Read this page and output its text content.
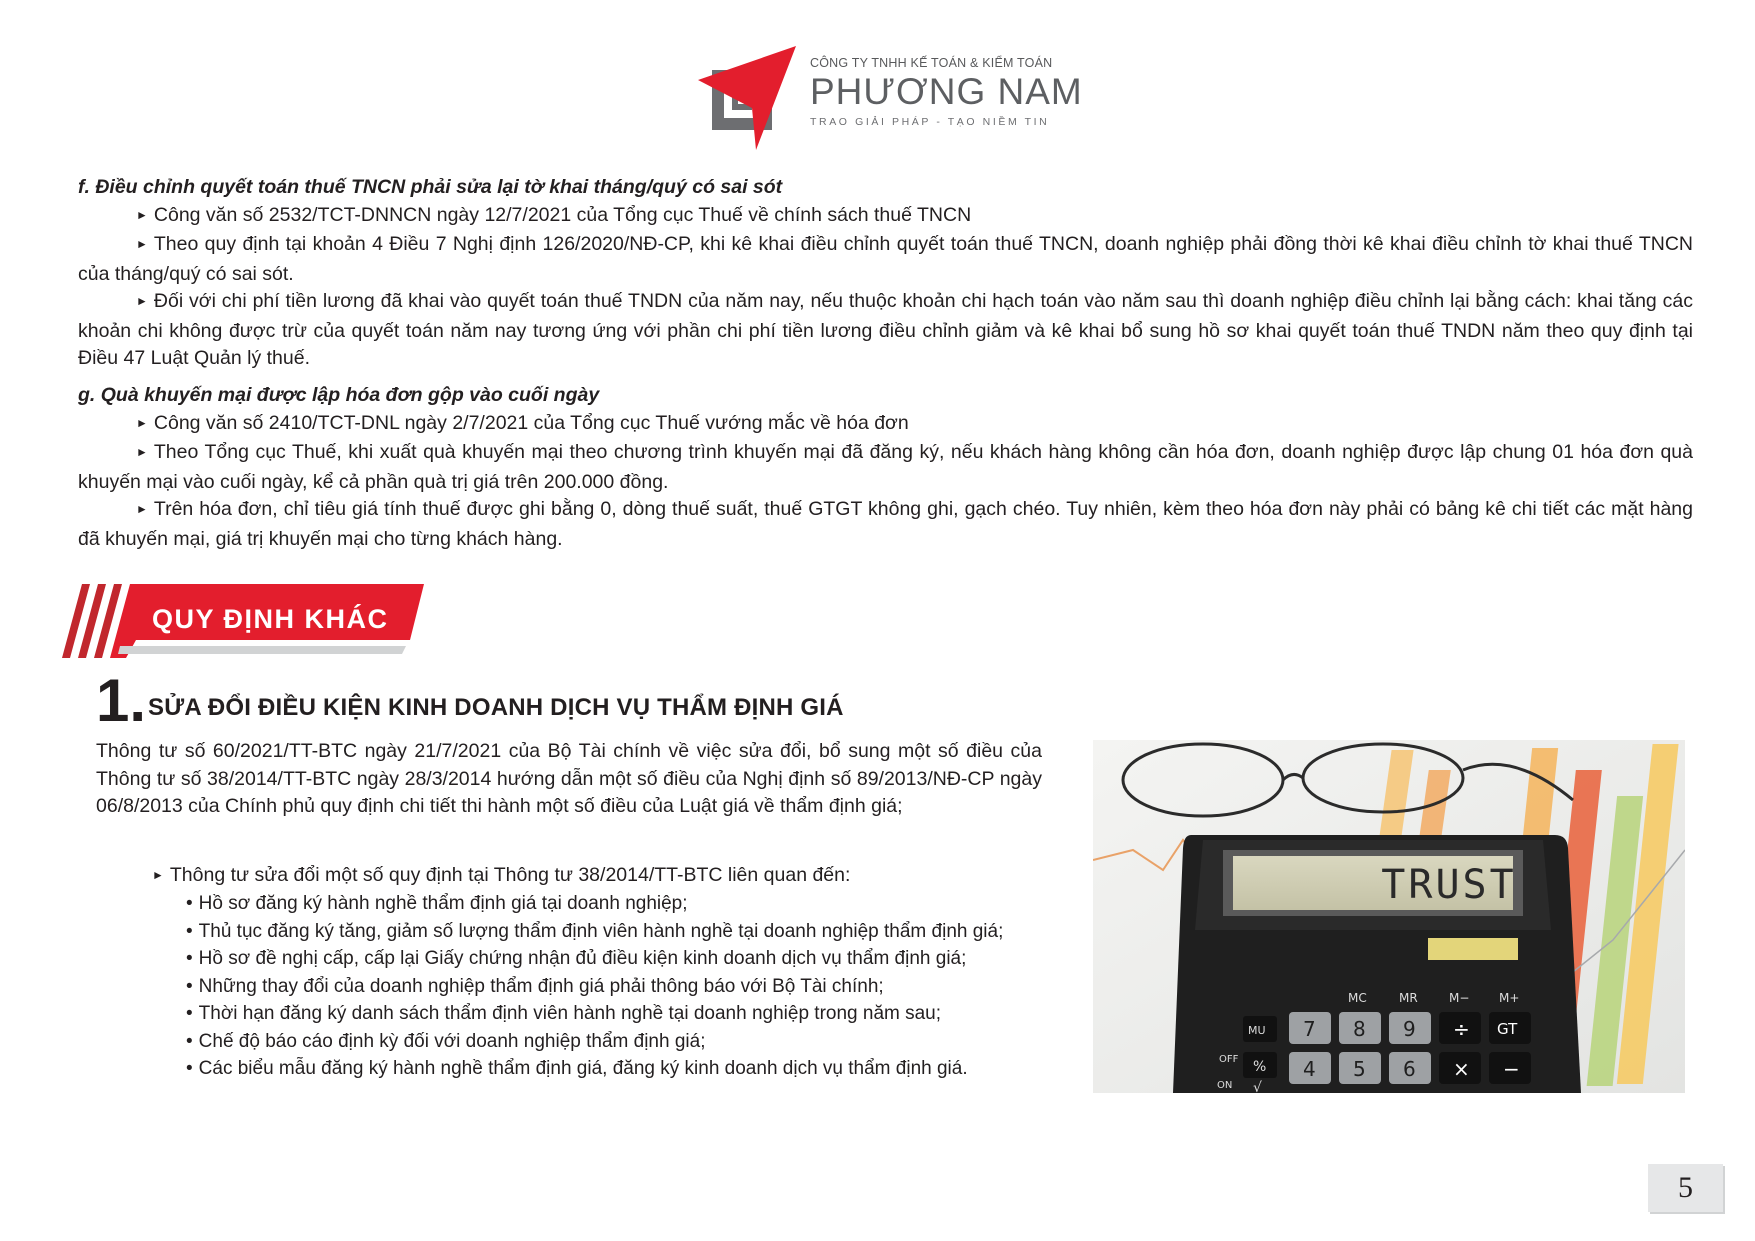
CÔNG TY TNHH KẾ TOÁN & KIỂM TOÁN
PHƯƠNG NAM
TRAO GIẢI PHÁP - TẠO NIỀM TIN

f. Điều chỉnh quyết toán thuế TNCN phải sửa lại tờ khai tháng/quý có sai sót

► Công văn số 2532/TCT-DNNCN ngày 12/7/2021 của Tổng cục Thuế về chính sách thuế TNCN

► Theo quy định tại khoản 4 Điều 7 Nghị định 126/2020/NĐ-CP, khi kê khai điều chỉnh quyết toán thuế TNCN, doanh nghiệp phải đồng thời kê khai điều chỉnh tờ khai thuế TNCN của tháng/quý có sai sót.

► Đối với chi phí tiền lương đã khai vào quyết toán thuế TNDN của năm nay, nếu thuộc khoản chi hạch toán vào năm sau thì doanh nghiệp điều chỉnh lại bằng cách: khai tăng các khoản chi không được trừ của quyết toán năm nay tương ứng với phần chi phí tiền lương điều chỉnh giảm và kê khai bổ sung hồ sơ khai quyết toán thuế TNDN năm theo quy định tại Điều 47 Luật Quản lý thuế.

g. Quà khuyến mại được lập hóa đơn gộp vào cuối ngày

► Công văn số 2410/TCT-DNL ngày 2/7/2021 của Tổng cục Thuế vướng mắc về hóa đơn

► Theo Tổng cục Thuế, khi xuất quà khuyến mại theo chương trình khuyến mại đã đăng ký, nếu khách hàng không cần hóa đơn, doanh nghiệp được lập chung 01 hóa đơn quà khuyến mại vào cuối ngày, kể cả phần quà trị giá trên 200.000 đồng.

► Trên hóa đơn, chỉ tiêu giá tính thuế được ghi bằng 0, dòng thuế suất, thuế GTGT không ghi, gạch chéo. Tuy nhiên, kèm theo hóa đơn này phải có bảng kê chi tiết các mặt hàng đã khuyến mại, giá trị khuyến mại cho từng khách hàng.

QUY ĐỊNH KHÁC
1. SỬA ĐỔI ĐIỀU KIỆN KINH DOANH DỊCH VỤ THẨM ĐỊNH GIÁ

Thông tư số 60/2021/TT-BTC ngày 21/7/2021 của Bộ Tài chính về việc sửa đổi, bổ sung một số điều của Thông tư số 38/2014/TT-BTC ngày 28/3/2014 hướng dẫn một số điều của Nghị định số 89/2013/NĐ-CP ngày 06/8/2013 của Chính phủ quy định chi tiết thi hành một số điều của Luật giá về thẩm định giá;

► Thông tư sửa đổi một số quy định tại Thông tư 38/2014/TT-BTC liên quan đến:

• Hồ sơ đăng ký hành nghề thẩm định giá tại doanh nghiệp;
• Thủ tục đăng ký tăng, giảm số lượng thẩm định viên hành nghề tại doanh nghiệp thẩm định giá;
• Hồ sơ đề nghị cấp, cấp lại Giấy chứng nhận đủ điều kiện kinh doanh dịch vụ thẩm định giá;
• Những thay đổi của doanh nghiệp thẩm định giá phải thông báo với Bộ Tài chính;
• Thời hạn đăng ký danh sách thẩm định viên hành nghề tại doanh nghiệp trong năm sau;
• Chế độ báo cáo định kỳ đối với doanh nghiệp thẩm định giá;
• Các biểu mẫu đăng ký hành nghề thẩm định giá, đăng ký kinh doanh dịch vụ thẩm định giá.
TRUST
MC	MR	M− M+
MU 7 8 9 ÷ GT
OFF % 4 5 6 × −
ON √
5
